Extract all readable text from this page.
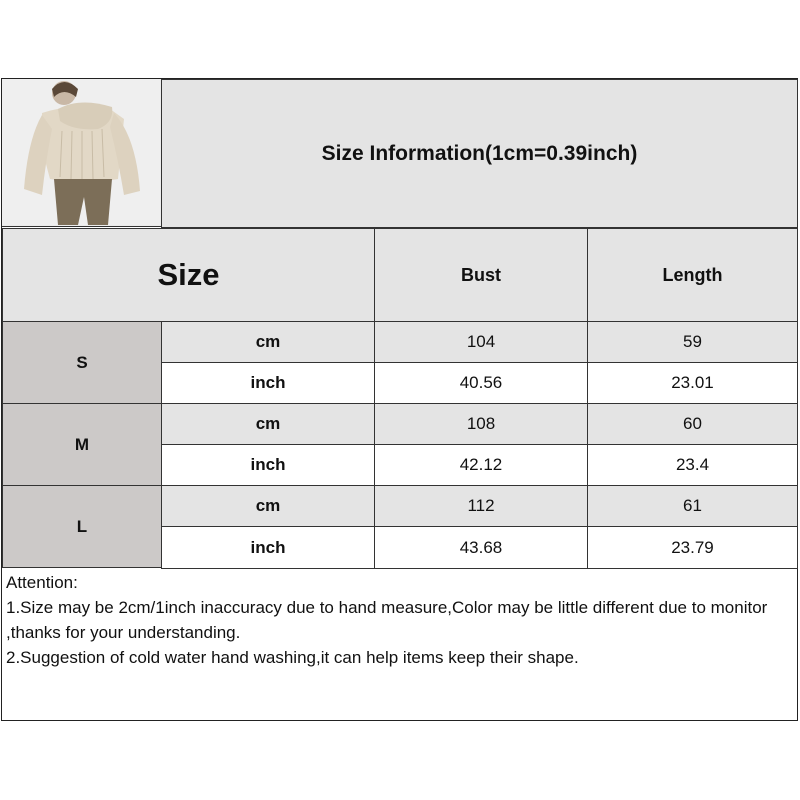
Size Information(1cm=0.39inch)
Size	Bust	Length
S
cm	104	59
inch	40.56	23.01
M
cm	108	60
inch	42.12	23.4
L
cm	112	61
inch	43.68	23.79

Attention:

1.Size may be 2cm/1inch inaccuracy due to hand measure,Color may be little different due to monitor ,thanks for your understanding.

2.Suggestion of cold water hand washing,it can help items keep their shape.
